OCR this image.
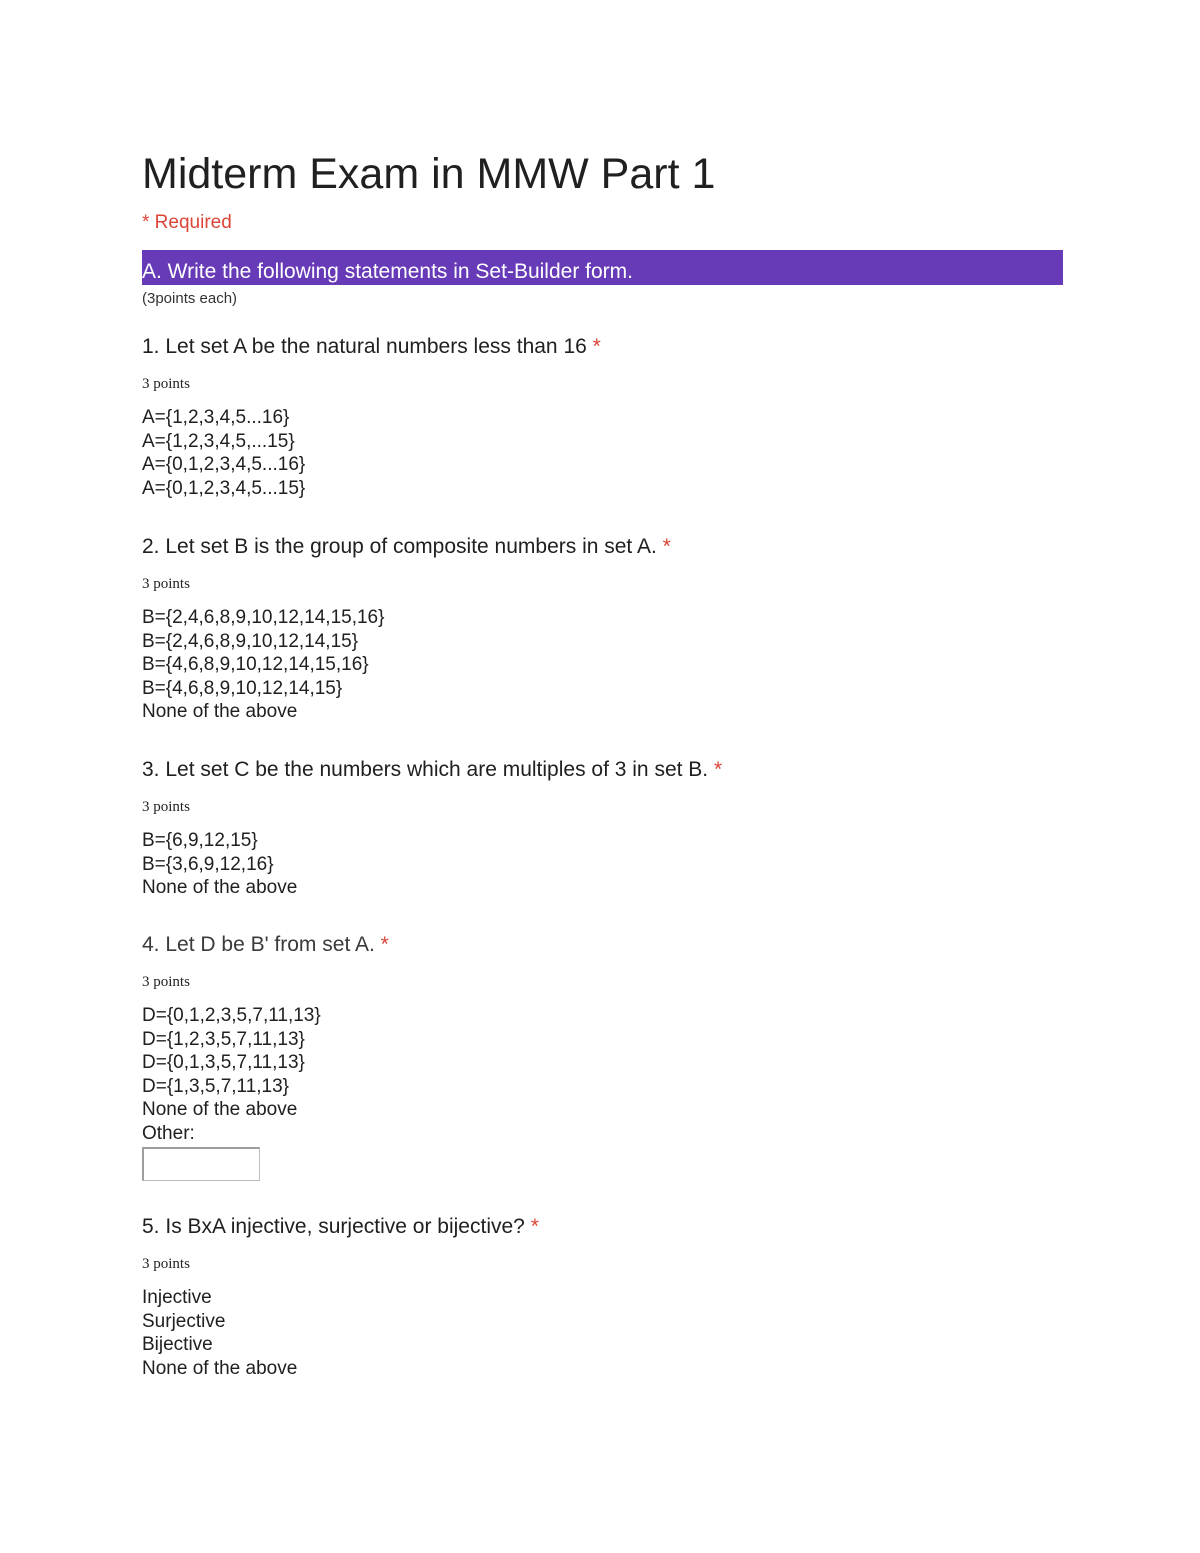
Midterm Exam in MMW Part 1
* Required
A. Write the following statements in Set-Builder form.
(3points each)
1. Let set A be the natural numbers less than 16 *
3 points
A={1,2,3,4,5...16}
A={1,2,3,4,5,...15}
A={0,1,2,3,4,5...16}
A={0,1,2,3,4,5...15}
2. Let set B is the group of composite numbers in set A. *
3 points
B={2,4,6,8,9,10,12,14,15,16}
B={2,4,6,8,9,10,12,14,15}
B={4,6,8,9,10,12,14,15,16}
B={4,6,8,9,10,12,14,15}
None of the above
3. Let set C be the numbers which are multiples of 3 in set B. *
3 points
B={6,9,12,15}
B={3,6,9,12,16}
None of the above
4. Let D be B' from set A. *
3 points
D={0,1,2,3,5,7,11,13}
D={1,2,3,5,7,11,13}
D={0,1,3,5,7,11,13}
D={1,3,5,7,11,13}
None of the above
Other:
5. Is BxA injective, surjective or bijective? *
3 points
Injective
Surjective
Bijective
None of the above
